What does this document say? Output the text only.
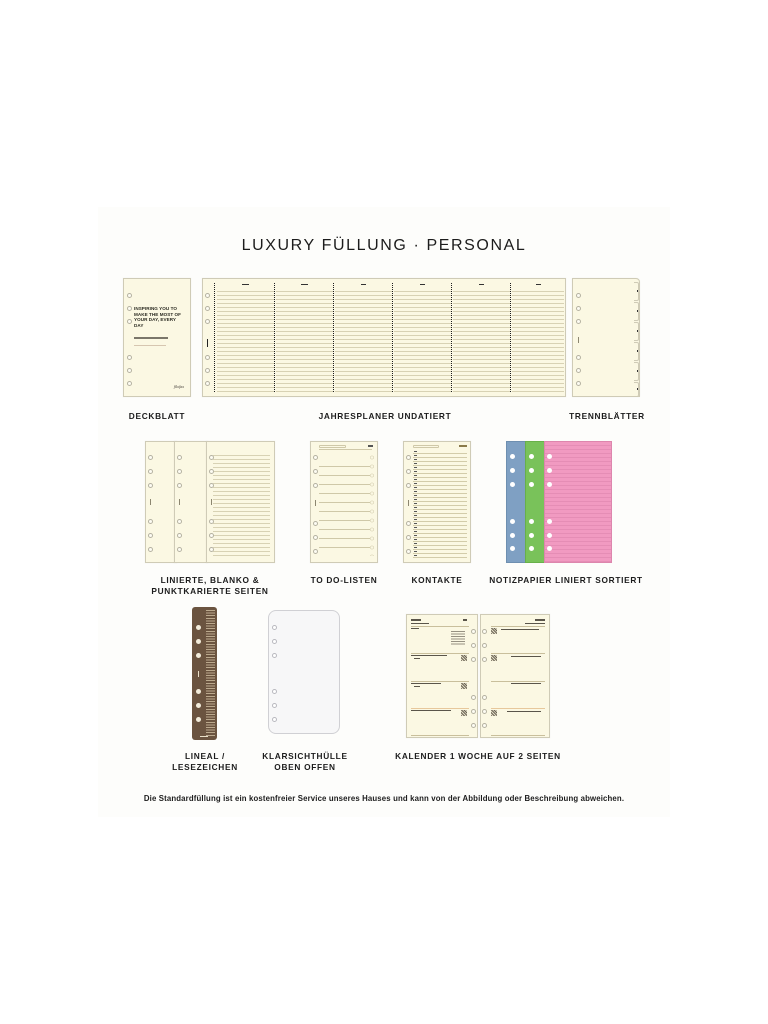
LUXURY FÜLLUNG · PERSONAL
INSPIRING YOU TO MAKE THE MOST OF YOUR DAY, EVERY DAY
filofax
DECKBLATT	JAHRESPLANER UNDATIERT	TRENNBLÄTTER
LINIERTE, BLANKO &
PUNKTKARIERTE SEITEN
TO DO-LISTEN	KONTAKTE	NOTIZPAPIER LINIERT SORTIERT
LINEAL /
LESEZEICHEN
KLARSICHTHÜLLE
OBEN OFFEN
KALENDER 1 WOCHE AUF 2 SEITEN
Die Standardfüllung ist ein kostenfreier Service unseres Hauses und kann von der Abbildung oder Beschreibung abweichen.
